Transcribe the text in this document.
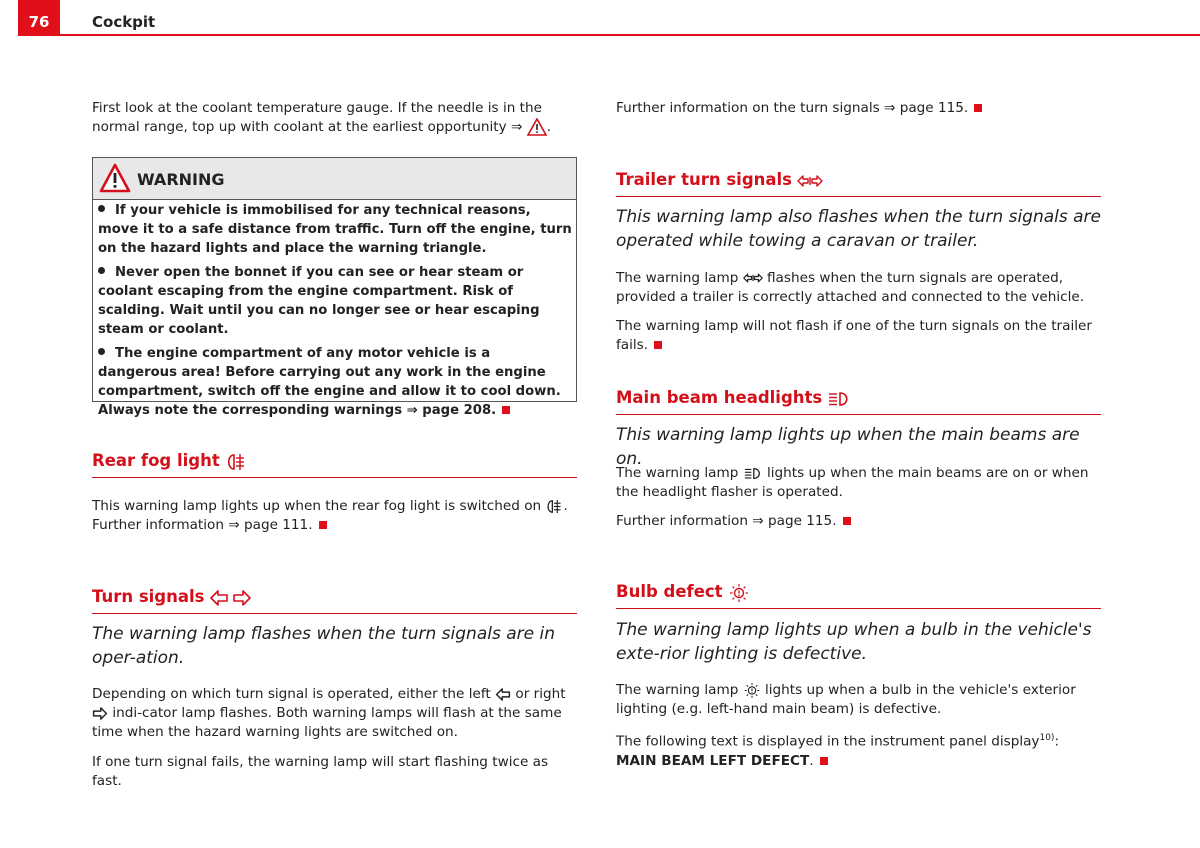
76	Cockpit

First look at the coolant temperature gauge. If the needle is in the normal range, top up with coolant at the earliest opportunity ⇒ .

WARNING

If your vehicle is immobilised for any technical reasons, move it to a safe distance from traffic. Turn off the engine, turn on the hazard lights and place the warning triangle.

Never open the bonnet if you can see or hear steam or coolant escaping from the engine compartment. Risk of scalding. Wait until you can no longer see or hear escaping steam or coolant.

The engine compartment of any motor vehicle is a dangerous area! Before carrying out any work in the engine compartment, switch off the engine and allow it to cool down. Always note the corresponding warnings ⇒ page 208.

Rear fog light

This warning lamp lights up when the rear fog light is switched on . Further information ⇒ page 111.

Turn signals

The warning lamp flashes when the turn signals are in oper-ation.

Depending on which turn signal is operated, either the left or right  indi-cator lamp flashes. Both warning lamps will flash at the same time when the hazard warning lights are switched on.

If one turn signal fails, the warning lamp will start flashing twice as fast.

Further information on the turn signals ⇒ page 115.

Trailer turn signals

This warning lamp also flashes when the turn signals are operated while towing a caravan or trailer.

The warning lamp flashes when the turn signals are operated, provided a trailer is correctly attached and connected to the vehicle.

The warning lamp will not flash if one of the turn signals on the trailer fails.

Main beam headlights

This warning lamp lights up when the main beams are on.

The warning lamp lights up when the main beams are on or when the headlight flasher is operated.

Further information ⇒ page 115.

Bulb defect

The warning lamp lights up when a bulb in the vehicle's exte-rior lighting is defective.

The warning lamp lights up when a bulb in the vehicle's exterior lighting (e.g. left-hand main beam) is defective.

The following text is displayed in the instrument panel display$^{10)}$: MAIN BEAM LEFT DEFECT.
